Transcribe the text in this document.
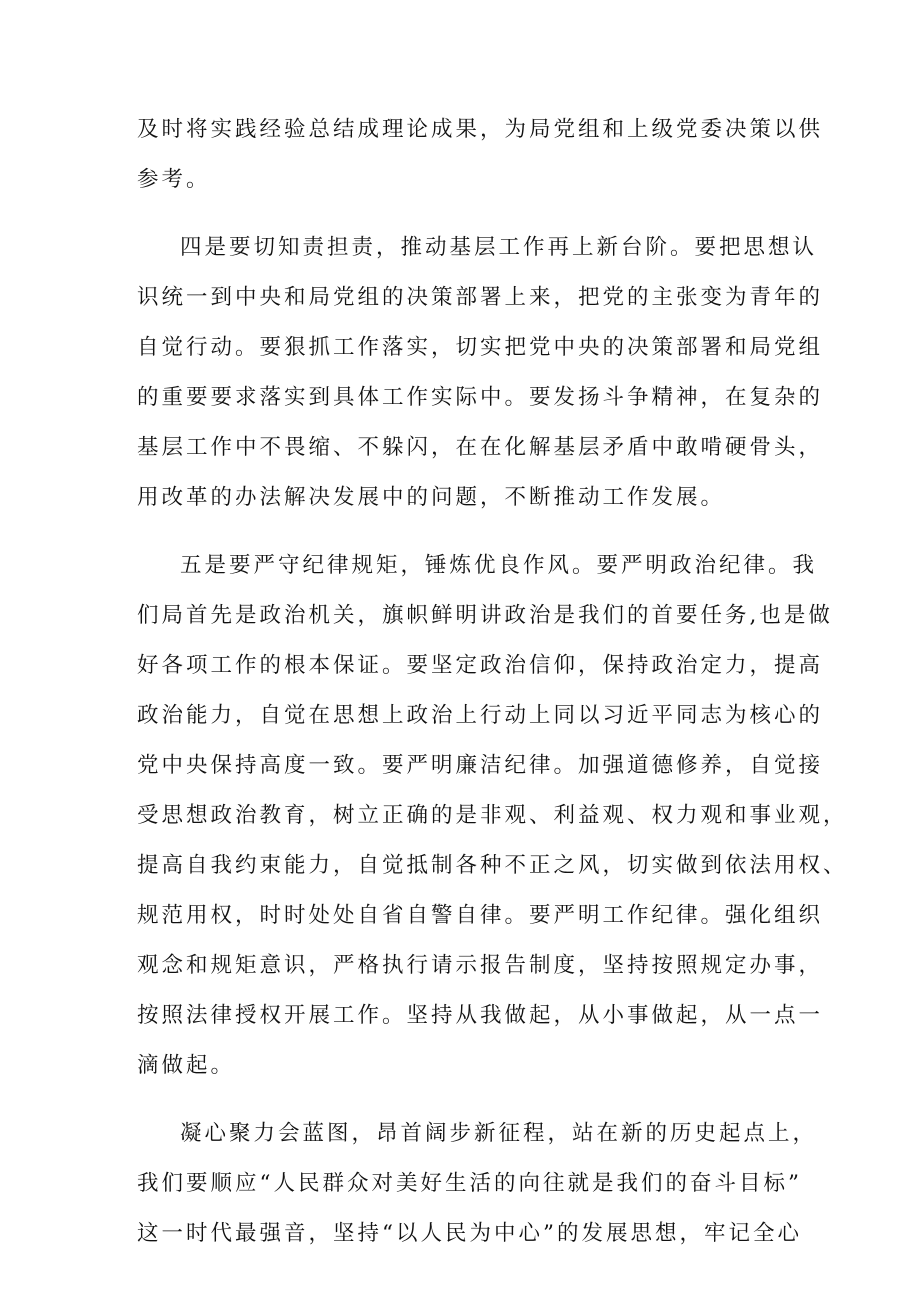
及时将实践经验总结成理论成果，为局党组和上级党委决策以供

参考。

四是要切知责担责，推动基层工作再上新台阶。要把思想认

识统一到中央和局党组的决策部署上来，把党的主张变为青年的

自觉行动。要狠抓工作落实，切实把党中央的决策部署和局党组

的重要要求落实到具体工作实际中。要发扬斗争精神，在复杂的

基层工作中不畏缩、不躲闪，在在化解基层矛盾中敢啃硬骨头，

用改革的办法解决发展中的问题，不断推动工作发展。

五是要严守纪律规矩，锤炼优良作风。要严明政治纪律。我

们局首先是政治机关，旗帜鲜明讲政治是我们的首要任务,也是做

好各项工作的根本保证。要坚定政治信仰，保持政治定力，提高

政治能力，自觉在思想上政治上行动上同以习近平同志为核心的

党中央保持高度一致。要严明廉洁纪律。加强道德修养，自觉接

受思想政治教育，树立正确的是非观、利益观、权力观和事业观，

提高自我约束能力，自觉抵制各种不正之风，切实做到依法用权、

规范用权，时时处处自省自警自律。要严明工作纪律。强化组织

观念和规矩意识，严格执行请示报告制度，坚持按照规定办事，

按照法律授权开展工作。坚持从我做起，从小事做起，从一点一

滴做起。

凝心聚力会蓝图，昂首阔步新征程，站在新的历史起点上，

我们要顺应“人民群众对美好生活的向往就是我们的奋斗目标”

这一时代最强音，坚持“以人民为中心”的发展思想，牢记全心
